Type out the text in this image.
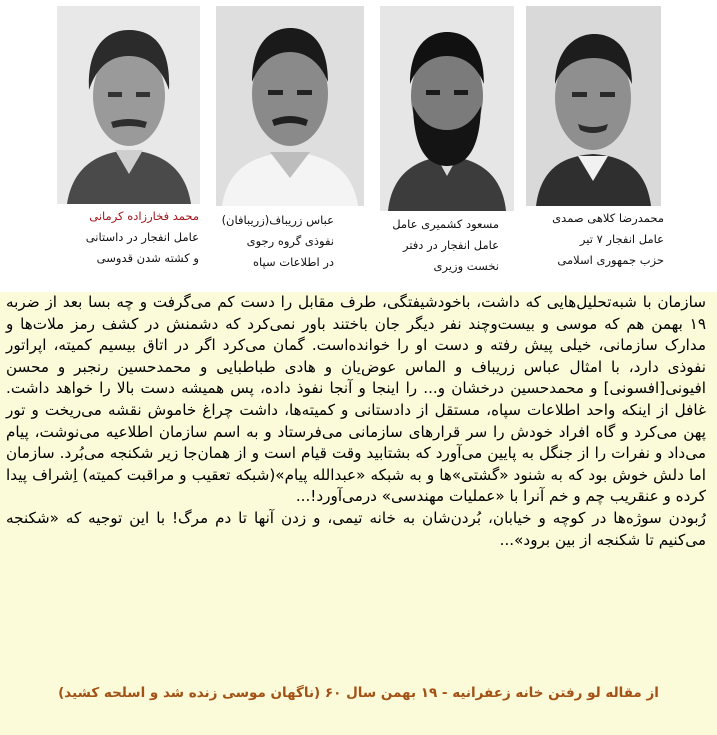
محمدرضا کلاهی صمدی
عامل انفجار ۷ تیر
حزب جمهوری اسلامی
مسعود کشمیری عامل
عامل انفجار در دفتر
نخست وزیری
عباس زریباف(زریبافان)
نفوذی گروه رجوی
در اطلاعات سپاه
محمد فخارزاده کرمانی
عامل انفجار در داستانی
و کشته شدن قدوسی

سازمان با شبه‌تحلیل‌هایی که داشت، باخودشیفتگی، طرف مقابل را دست کم می‌گرفت و چه بسا بعد از ضربه ۱۹ بهمن هم که موسی و بیست‌وچند نفر دیگر جان باختند باور نمی‌کرد که دشمنش در کشف رمز ملات‌ها و مدارک سازمانی، خیلی پیش رفته و دست او را خوانده‌است. گمان می‌کرد اگر در اتاق بیسیم کمیته، اپراتور نفوذی دارد، با امثال عباس زریباف و الماس عوض‌یان و هادی طباطبایی و محمدحسین رنجبر و محسن افیونی[افسونی] و محمدحسین درخشان و... را اینجا و آنجا نفوذ داده، پس همیشه دست بالا را خواهد داشت. غافل از اینکه واحد اطلاعات سپاه، مستقل از دادستانی و کمیته‌ها، داشت چراغ خاموش نقشه می‌ریخت و تور پهن می‌کرد و گاه افراد خودش را سر قرارهای سازمانی می‌فرستاد و به اسم سازمان اطلاعیه می‌نوشت، پیام می‌داد و نفرات را از جنگل به پایین می‌آورد که بشتابید وقت قیام است و از همان‌جا زیر شکنجه می‌بُرد. سازمان اما دلش خوش بود که به شنود «گشتی»ها و به شبکه «عبدالله پیام»(شبکه تعقیب و مراقبت کمیته) اِشراف پیدا کرده و عنقریب چم و خم آنرا با «عملیات مهندسی» درمی‌آورد!...

رُبودن سوژه‌ها در کوچه و خیابان، بُردن‌شان به خانه تیمی، و زدن آنها تا دم مرگ! با این توجیه که «شکنجه می‌کنیم تا شکنجه از بین برود»...

از مقاله لو رفتن خانه زعفرانیه - ۱۹ بهمن سال ۶۰ (ناگهان موسی زنده شد و اسلحه کشید)
